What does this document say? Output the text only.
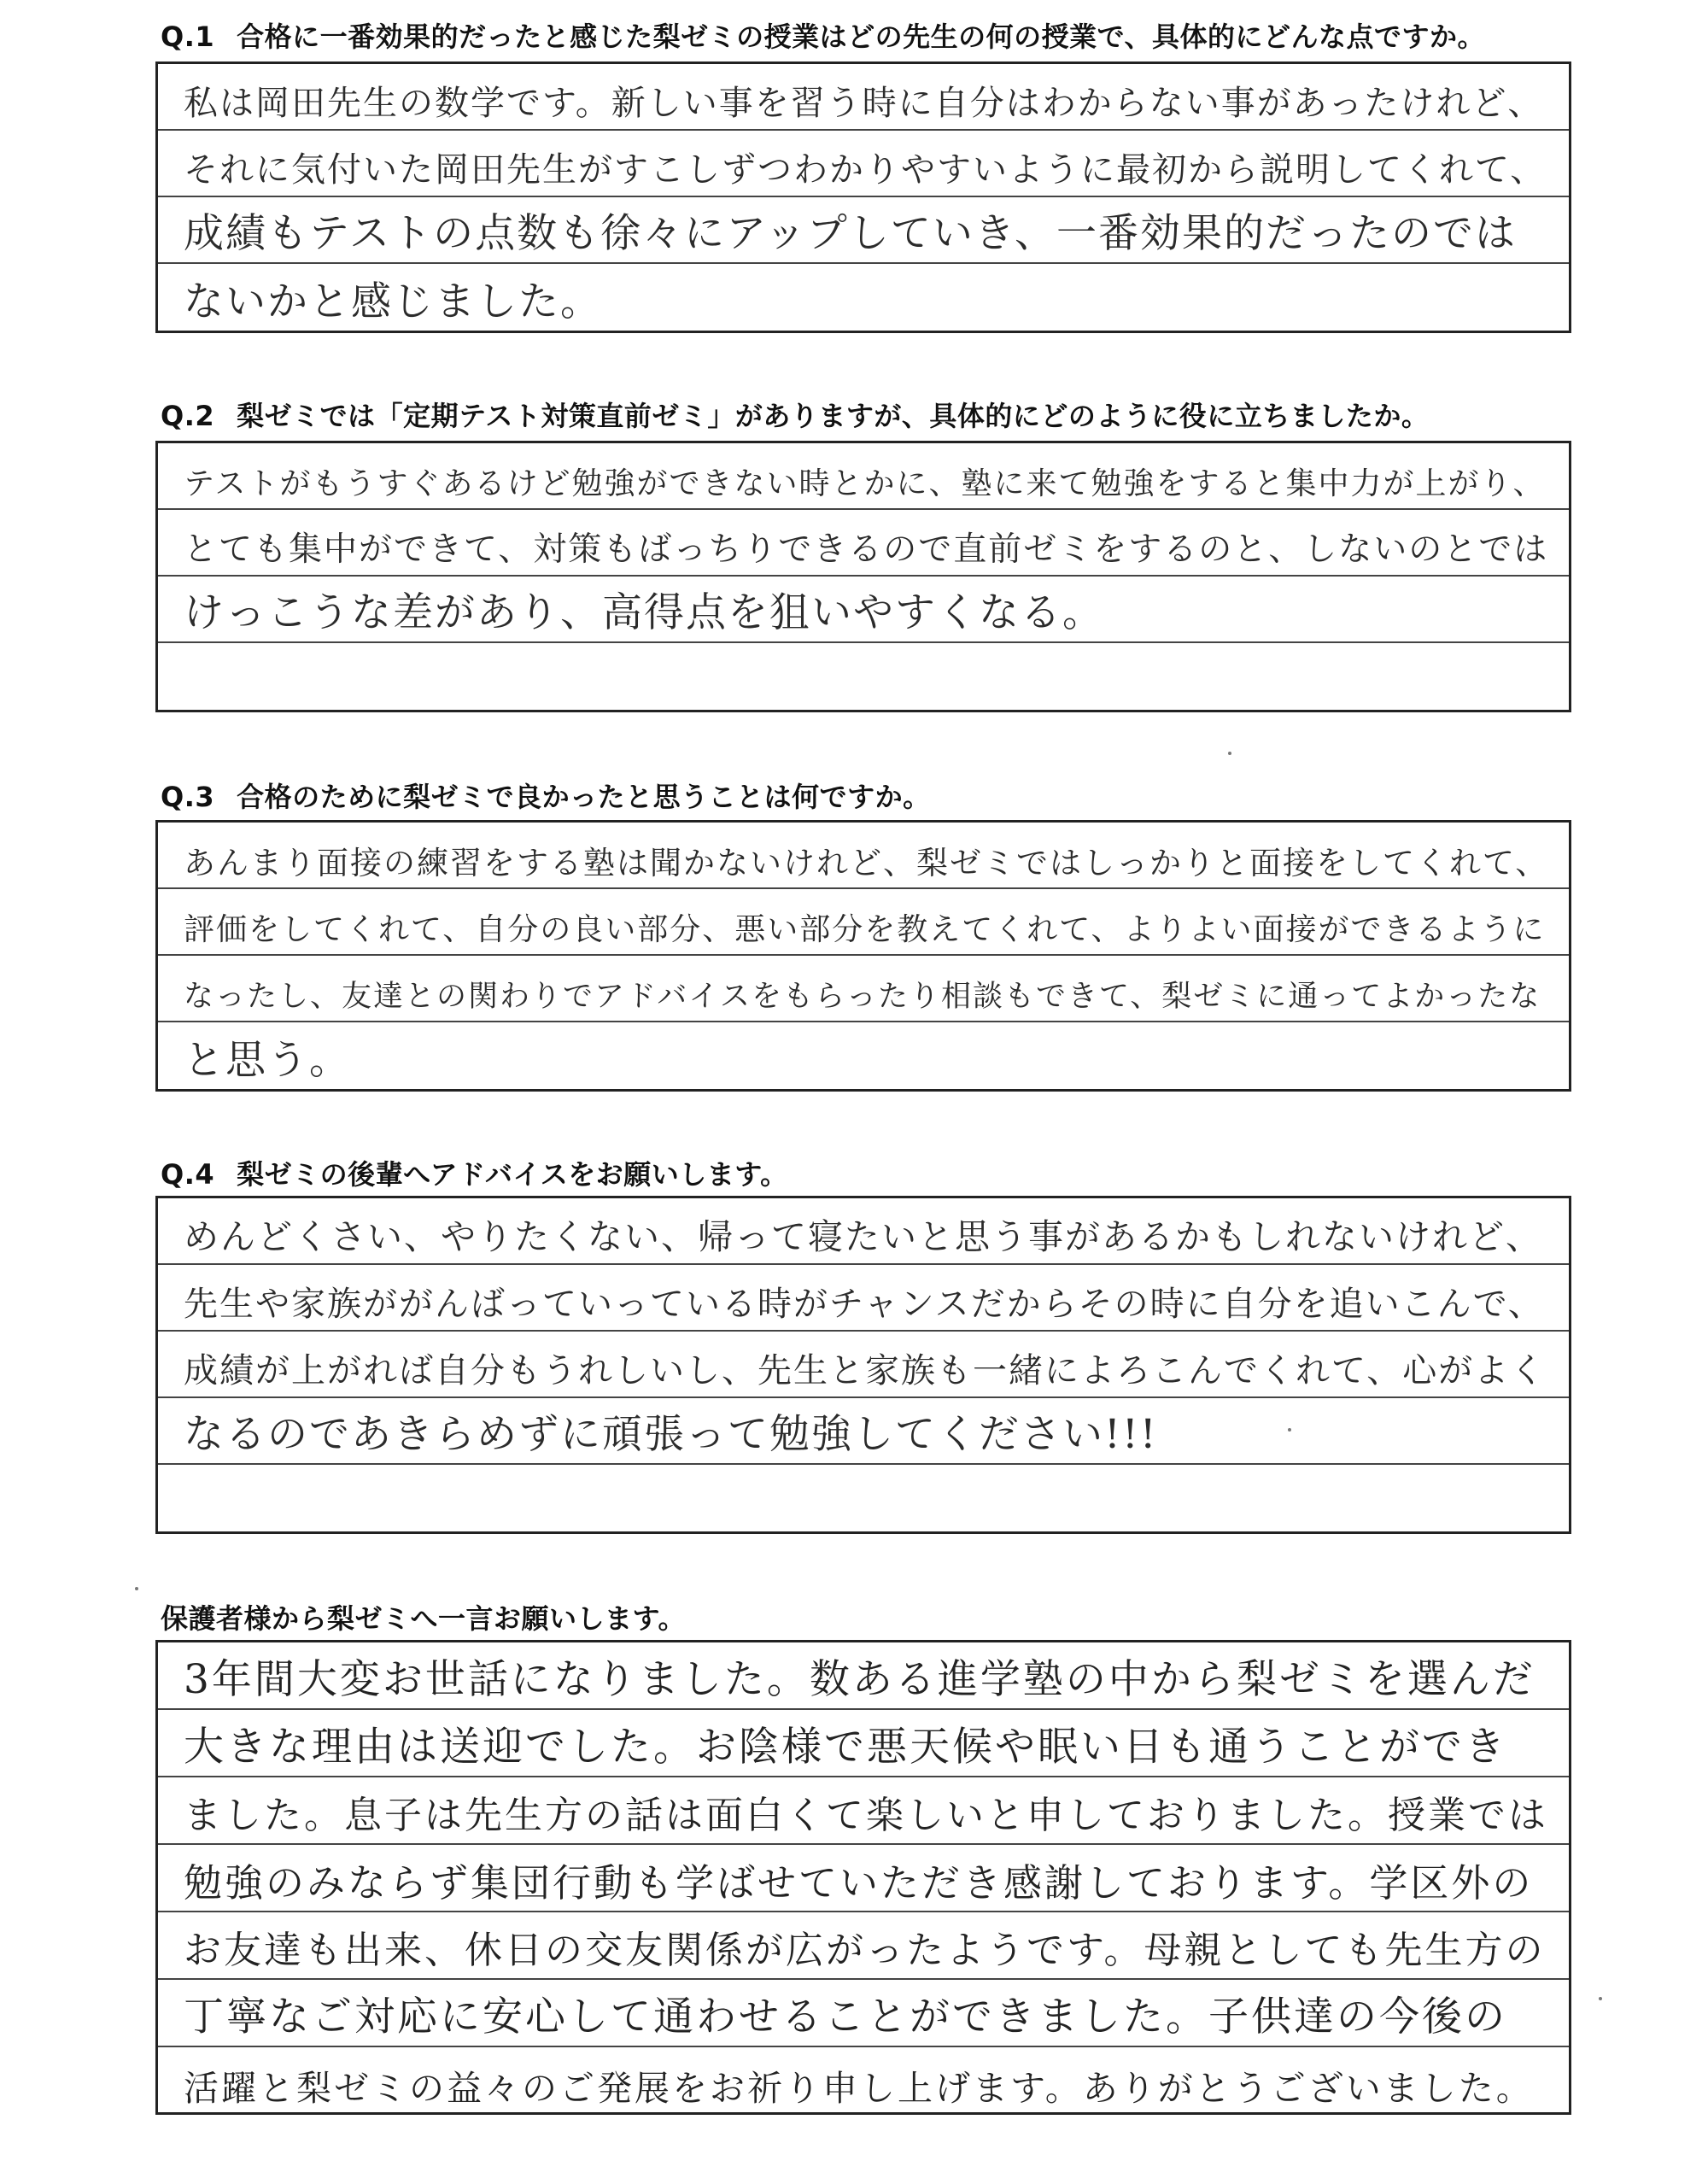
Q.1 合格に一番効果的だったと感じた梨ゼミの授業はどの先生の何の授業で、具体的にどんな点ですか。
私は岡田先生の数学です。新しい事を習う時に自分はわからない事があったけれど、
それに気付いた岡田先生がすこしずつわかりやすいように最初から説明してくれて、
成績もテストの点数も徐々にアップしていき、一番効果的だったのでは
ないかと感じました。
Q.2 梨ゼミでは「定期テスト対策直前ゼミ」がありますが、具体的にどのように役に立ちましたか。
テストがもうすぐあるけど勉強ができない時とかに、塾に来て勉強をすると集中力が上がり、
とても集中ができて、対策もばっちりできるので直前ゼミをするのと、しないのとでは
けっこうな差があり、高得点を狙いやすくなる。
Q.3 合格のために梨ゼミで良かったと思うことは何ですか。
あんまり面接の練習をする塾は聞かないけれど、梨ゼミではしっかりと面接をしてくれて、
評価をしてくれて、自分の良い部分、悪い部分を教えてくれて、よりよい面接ができるように
なったし、友達との関わりでアドバイスをもらったり相談もできて、梨ゼミに通ってよかったな
と思う。
Q.4 梨ゼミの後輩へアドバイスをお願いします。
めんどくさい、やりたくない、帰って寝たいと思う事があるかもしれないけれど、
先生や家族ががんばっていっている時がチャンスだからその時に自分を追いこんで、
成績が上がれば自分もうれしいし、先生と家族も一緒によろこんでくれて、心がよく
なるのであきらめずに頑張って勉強してください!!!
保護者様から梨ゼミへ一言お願いします。
3年間大変お世話になりました。数ある進学塾の中から梨ゼミを選んだ
大きな理由は送迎でした。お陰様で悪天候や眠い日も通うことができ
ました。息子は先生方の話は面白くて楽しいと申しておりました。授業では
勉強のみならず集団行動も学ばせていただき感謝しております。学区外の
お友達も出来、休日の交友関係が広がったようです。母親としても先生方の
丁寧なご対応に安心して通わせることができました。子供達の今後の
活躍と梨ゼミの益々のご発展をお祈り申し上げます。ありがとうございました。
